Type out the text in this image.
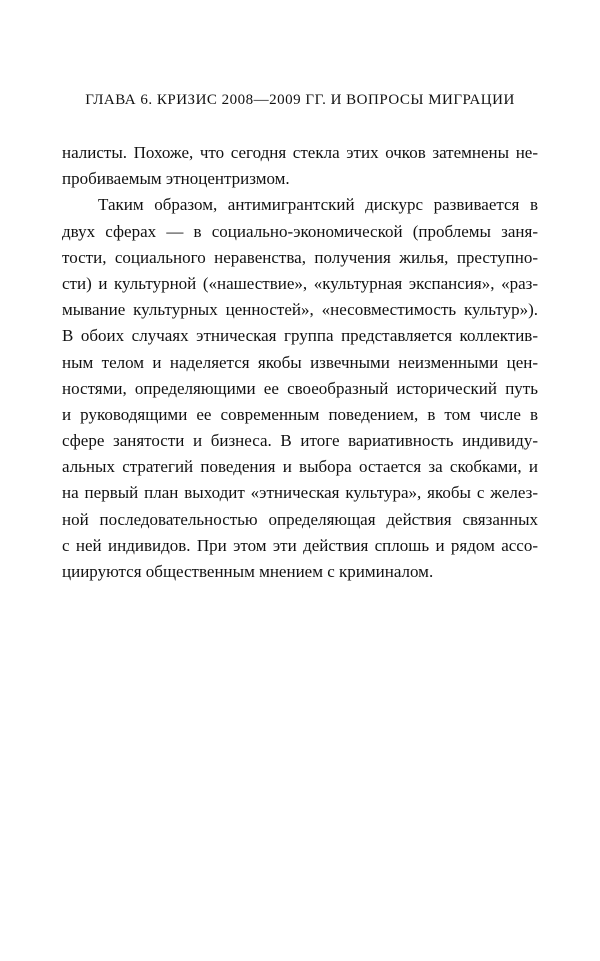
ГЛАВА 6. КРИЗИС 2008—2009 ГГ. И ВОПРОСЫ МИГРАЦИИ
налисты. Похоже, что сегодня стекла этих очков затемнены не-
пробиваемым этноцентризмом.
Таким образом, антимигрантский дискурс развивается в
двух сферах — в социально-экономической (проблемы заня-
тости, социального неравенства, получения жилья, преступно-
сти) и культурной («нашествие», «культурная экспансия», «раз-
мывание культурных ценностей», «несовместимость культур»).
В обоих случаях этническая группа представляется коллектив-
ным телом и наделяется якобы извечными неизменными цен-
ностями, определяющими ее своеобразный исторический путь
и руководящими ее современным поведением, в том числе в
сфере занятости и бизнеса. В итоге вариативность индивиду-
альных стратегий поведения и выбора остается за скобками, и
на первый план выходит «этническая культура», якобы с желез-
ной последовательностью определяющая действия связанных
с ней индивидов. При этом эти действия сплошь и рядом ассо-
циируются общественным мнением с криминалом.
